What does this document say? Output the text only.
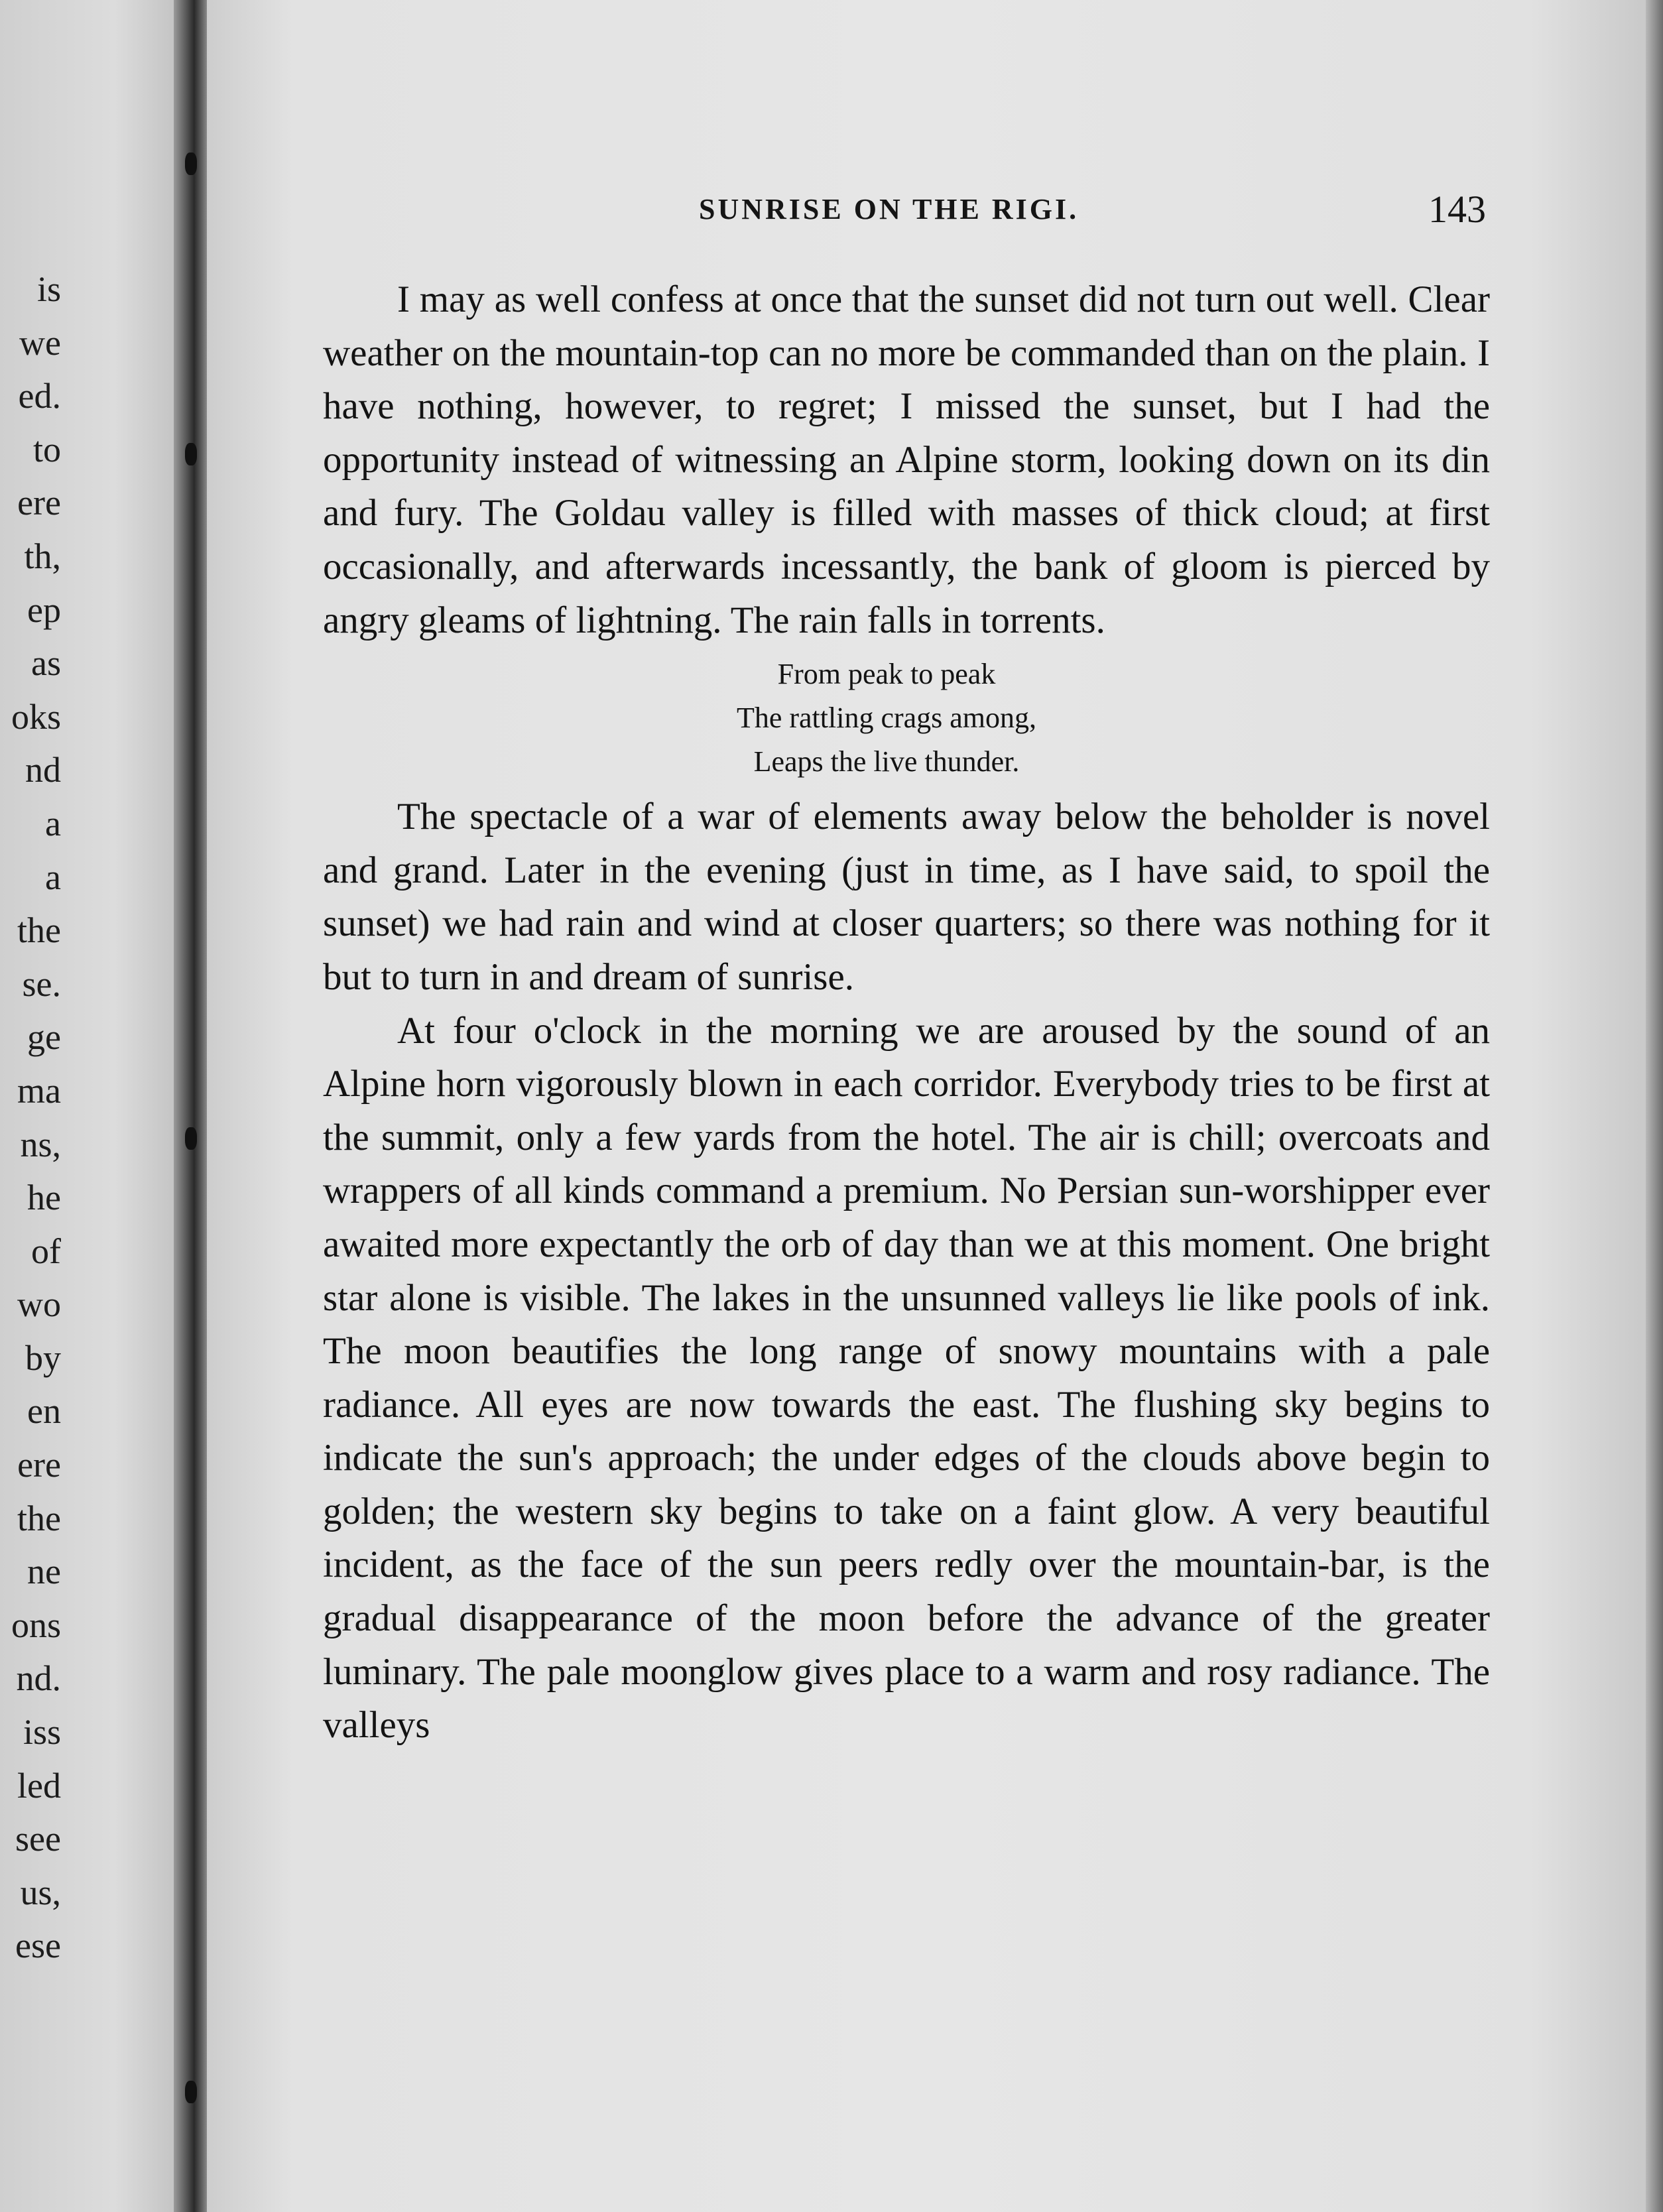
is
we
ed.
to
ere
th,
ep
as
oks
nd
a
a
the
se.
ge
ma
ns,
he
of
wo
by
en
ere
the
ne
ons
nd.
iss
led
see
us,
ese
SUNRISE ON THE RIGI.	143

I may as well confess at once that the sunset did not turn out well. Clear weather on the mountain-top can no more be commanded than on the plain. I have nothing, however, to regret; I missed the sunset, but I had the opportunity instead of witnessing an Alpine storm, looking down on its din and fury. The Goldau valley is filled with masses of thick cloud; at first occasionally, and afterwards incessantly, the bank of gloom is pierced by angry gleams of lightning. The rain falls in torrents.

From peak to peak
The rattling crags among,
Leaps the live thunder.

The spectacle of a war of elements away below the beholder is novel and grand. Later in the evening (just in time, as I have said, to spoil the sunset) we had rain and wind at closer quarters; so there was nothing for it but to turn in and dream of sunrise.

At four o'clock in the morning we are aroused by the sound of an Alpine horn vigorously blown in each corridor. Everybody tries to be first at the summit, only a few yards from the hotel. The air is chill; overcoats and wrappers of all kinds command a premium. No Persian sun-worshipper ever awaited more expectantly the orb of day than we at this moment. One bright star alone is visible. The lakes in the unsunned valleys lie like pools of ink. The moon beautifies the long range of snowy mountains with a pale radiance. All eyes are now towards the east. The flushing sky begins to indicate the sun's approach; the under edges of the clouds above begin to golden; the western sky begins to take on a faint glow. A very beautiful incident, as the face of the sun peers redly over the mountain-bar, is the gradual disappearance of the moon before the advance of the greater luminary. The pale moonglow gives place to a warm and rosy radiance. The valleys
